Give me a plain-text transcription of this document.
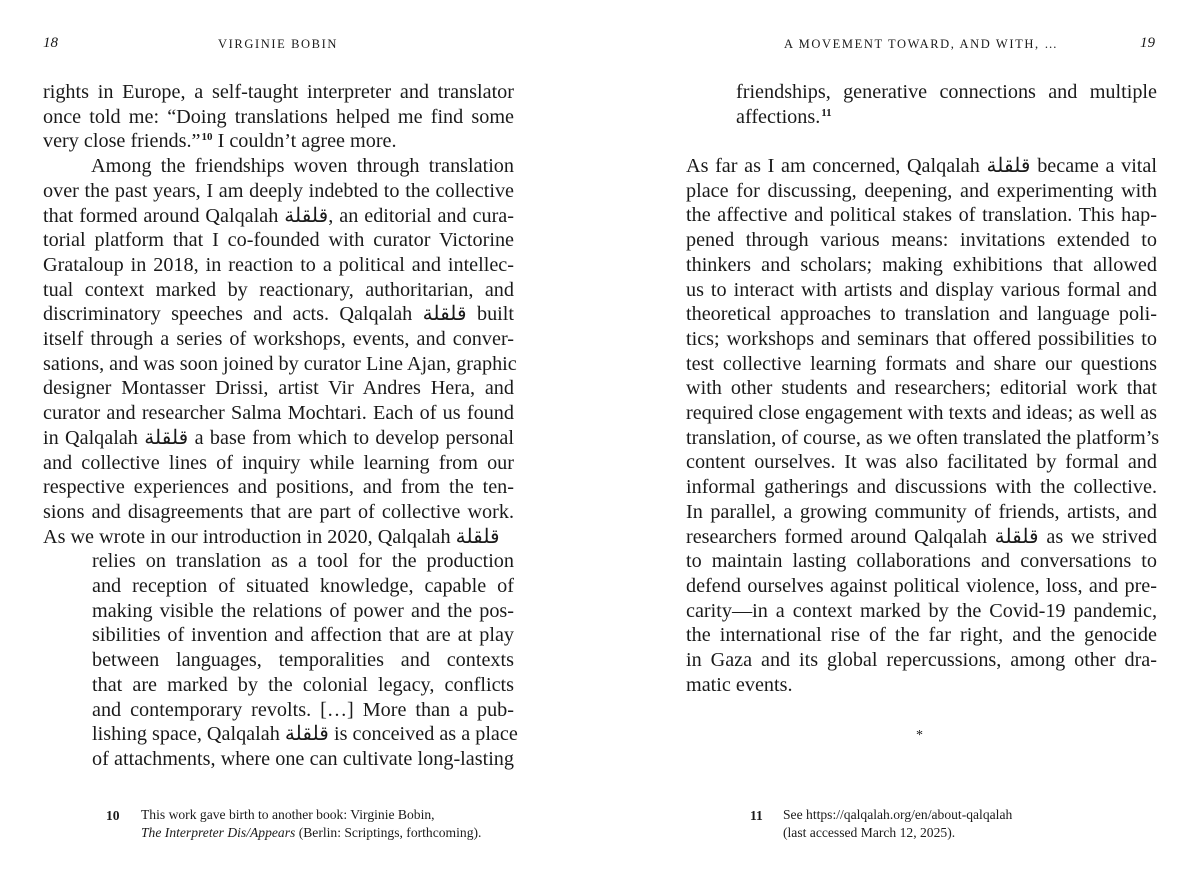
18	VIRGINIE BOBIN
rights in Europe, a self-taught interpreter and translator
once told me: “Doing translations helped me find some
very close friends.”$^{10}$ I couldn’t agree more.
Among the friendships woven through translation
over the past years, I am deeply indebted to the collective
that formed around Qalqalah قلقلة, an editorial and cura-
torial platform that I co-founded with curator Victorine
Grataloup in 2018, in reaction to a political and intellec-
tual context marked by reactionary, authoritarian, and
discriminatory speeches and acts. Qalqalah قلقلة built
itself through a series of workshops, events, and conver-
sations, and was soon joined by curator Line Ajan, graphic
designer Montasser Drissi, artist Vir Andres Hera, and
curator and researcher Salma Mochtari. Each of us found
in Qalqalah قلقلة a base from which to develop personal
and collective lines of inquiry while learning from our
respective experiences and positions, and from the ten-
sions and disagreements that are part of collective work.
As we wrote in our introduction in 2020, Qalqalah قلقلة
relies on translation as a tool for the production
and reception of situated knowledge, capable of
making visible the relations of power and the pos-
sibilities of invention and affection that are at play
between languages, temporalities and contexts
that are marked by the colonial legacy, conflicts
and contemporary revolts. […] More than a pub-
lishing space, Qalqalah قلقلة is conceived as a place
of attachments, where one can cultivate long-lasting
10 This work gave birth to another book: Virginie Bobin,
The Interpreter Dis/Appears (Berlin: Scriptings, forthcoming).
A MOVEMENT TOWARD, AND WITH, …	19
friendships, generative connections and multiple
affections.$^{11}$
As far as I am concerned, Qalqalah قلقلة became a vital
place for discussing, deepening, and experimenting with
the affective and political stakes of translation. This hap-
pened through various means: invitations extended to
thinkers and scholars; making exhibitions that allowed
us to interact with artists and display various formal and
theoretical approaches to translation and language poli-
tics; workshops and seminars that offered possibilities to
test collective learning formats and share our questions
with other students and researchers; editorial work that
required close engagement with texts and ideas; as well as
translation, of course, as we often translated the platform’s
content ourselves. It was also facilitated by formal and
informal gatherings and discussions with the collective.
In parallel, a growing community of friends, artists, and
researchers formed around Qalqalah قلقلة as we strived
to maintain lasting collaborations and conversations to
defend ourselves against political violence, loss, and pre-
carity—in a context marked by the Covid-19 pandemic,
the international rise of the far right, and the genocide
in Gaza and its global repercussions, among other dra-
matic events.
*
11 See https://qalqalah.org/en/about-qalqalah
(last accessed March 12, 2025).
